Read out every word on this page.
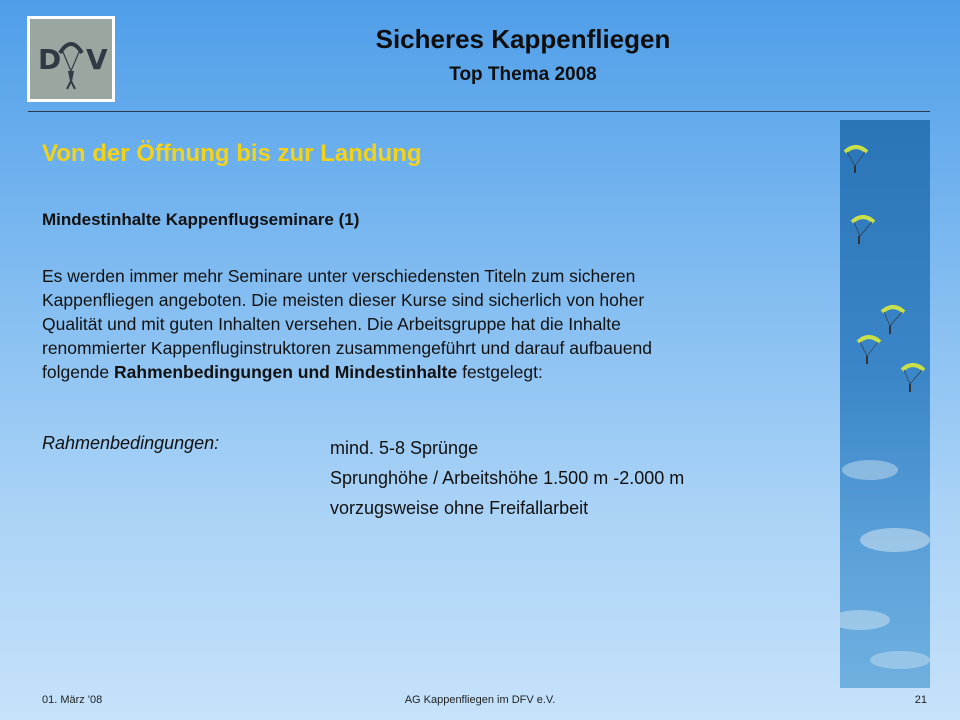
D V
Sicheres Kappenfliegen
Top Thema 2008
Von der Öffnung bis zur Landung
Mindestinhalte Kappenflugseminare (1)

Es werden immer mehr Seminare unter verschiedensten Titeln zum sicheren

Kappenfliegen angeboten. Die meisten dieser Kurse sind sicherlich von hoher

Qualität und mit guten Inhalten versehen. Die Arbeitsgruppe hat die Inhalte

renommierter Kappenfluginstruktoren zusammengeführt und darauf aufbauend

folgende Rahmenbedingungen und Mindestinhalte festgelegt:

Rahmenbedingungen:	mind. 5-8 Sprünge
Sprunghöhe / Arbeitshöhe 1.500 m -2.000 m
vorzugsweise ohne Freifallarbeit
01. März '08	AG Kappenfliegen im DFV e.V.	21
